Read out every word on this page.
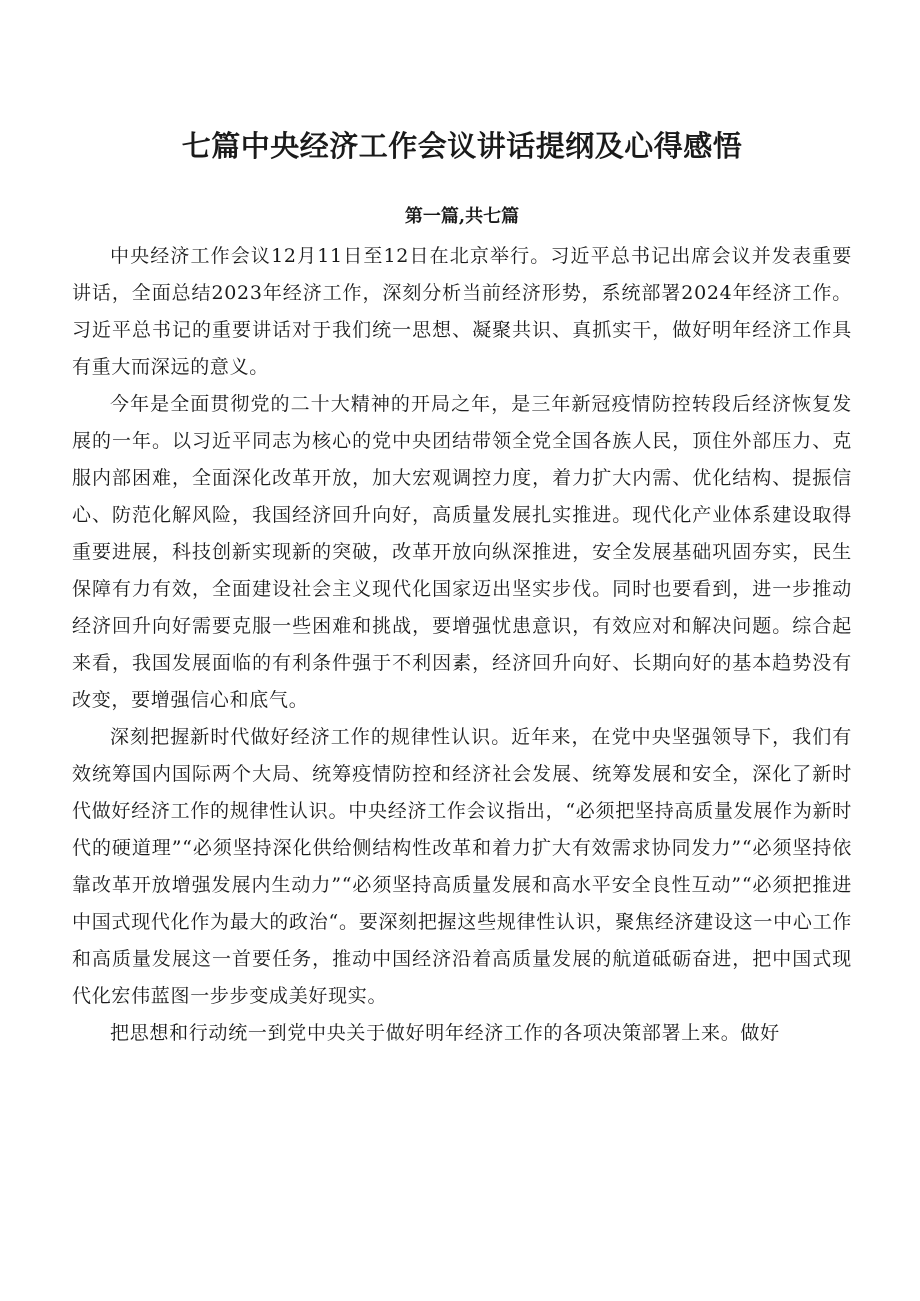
七篇中央经济工作会议讲话提纲及心得感悟
第一篇,共七篇

中央经济工作会议12月11日至12日在北京举行。习近平总书记出席会议并发表重要讲话，全面总结2023年经济工作，深刻分析当前经济形势，系统部署2024年经济工作。习近平总书记的重要讲话对于我们统一思想、凝聚共识、真抓实干，做好明年经济工作具有重大而深远的意义。

今年是全面贯彻党的二十大精神的开局之年，是三年新冠疫情防控转段后经济恢复发展的一年。以习近平同志为核心的党中央团结带领全党全国各族人民，顶住外部压力、克服内部困难，全面深化改革开放，加大宏观调控力度，着力扩大内需、优化结构、提振信心、防范化解风险，我国经济回升向好，高质量发展扎实推进。现代化产业体系建设取得重要进展，科技创新实现新的突破，改革开放向纵深推进，安全发展基础巩固夯实，民生保障有力有效，全面建设社会主义现代化国家迈出坚实步伐。同时也要看到，进一步推动经济回升向好需要克服一些困难和挑战，要增强忧患意识，有效应对和解决问题。综合起来看，我国发展面临的有利条件强于不利因素，经济回升向好、长期向好的基本趋势没有改变，要增强信心和底气。

深刻把握新时代做好经济工作的规律性认识。近年来，在党中央坚强领导下，我们有效统筹国内国际两个大局、统筹疫情防控和经济社会发展、统筹发展和安全，深化了新时代做好经济工作的规律性认识。中央经济工作会议指出，“必须把坚持高质量发展作为新时代的硬道理”“必须坚持深化供给侧结构性改革和着力扩大有效需求协同发力”“必须坚持依靠改革开放增强发展内生动力”“必须坚持高质量发展和高水平安全良性互动”“必须把推进中国式现代化作为最大的政治“。要深刻把握这些规律性认识，聚焦经济建设这一中心工作和高质量发展这一首要任务，推动中国经济沿着高质量发展的航道砥砺奋进，把中国式现代化宏伟蓝图一步步变成美好现实。

把思想和行动统一到党中央关于做好明年经济工作的各项决策部署上来。做好
